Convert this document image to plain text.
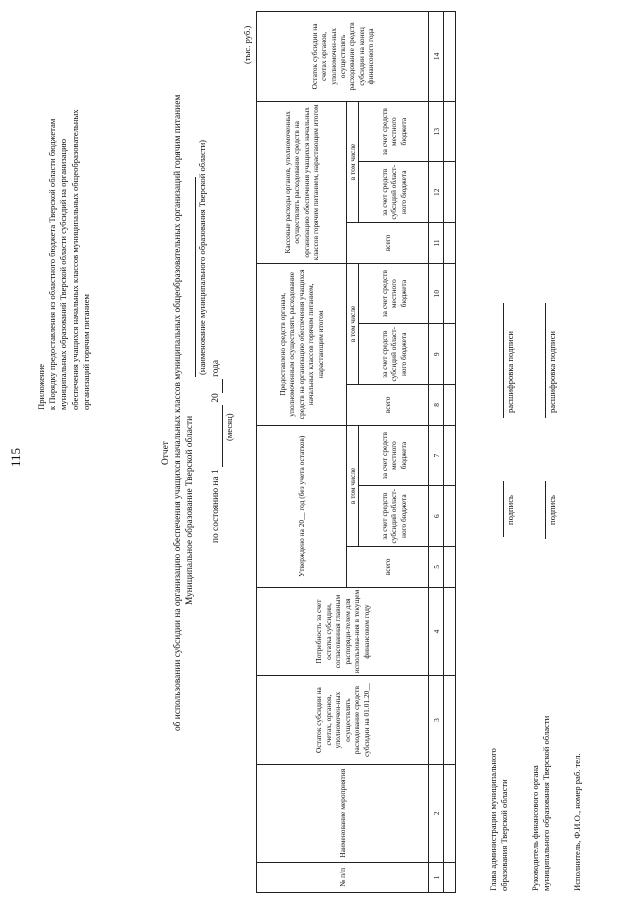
115
Приложение к Порядку предоставления из областного бюджета Тверской области бюджетам муниципальных образований Тверской области субсидий на организацию обеспечения учащихся начальных классов муниципальных общеобразовательных организаций горячим питанием
Отчет об использовании субсидии на организацию обеспечения учащихся начальных классов муниципальных общеобразовательных организаций горячим питанием Муниципальное образование Тверской области
(наименование муниципального образования Тверской области)
по состоянию на 1   20  года
(месяц)
(тыс. руб.)
№ п/п	Наименование мероприятия	Остаток субсидии на счетах, органов, уполномочен-ных осуществлять расходование средств субсидии на 01.01.20__	Потребность за счет остатка субсидии, согласованная главным распоряди-телем для использова-ния в текущем финансовом году	Утверждено на 20__ год (без учета остатков)			Предоставлено средств органам, уполномоченным осуществлять расходование средств на организацию обеспечения учащихся начальных классов горячим питанием, нарастающим итогом			Кассовые расходы органов, уполномоченных осуществлять расходование средств на организацию обеспечения учащихся начальных классов горячим питанием, нарастающим итогом			Остаток субсидии на счетах органов, уполномочен-ных осуществлять расходование средств субсидии на конец финансового года
				всего	в том числе		всего	в том числе		всего	в том числе		
					за счет средств субсидий област-ного бюджета	за счет средств местного бюджета		за счет средств субсидий област-ного бюджета	за счет средств местного бюджета		за счет средств субсидий област-ного бюджета	за счет средств местного бюджета	
1	2	3	4	5	6	7	8	9	10	11	12	13	14

Глава администрации муниципального образования Тверской области
подпись
расшифровка подписи
Руководитель финансового органа муниципального образования Тверской области
подпись
расшифровка подписи
Исполнитель, Ф.И.О., номер раб. тел.
